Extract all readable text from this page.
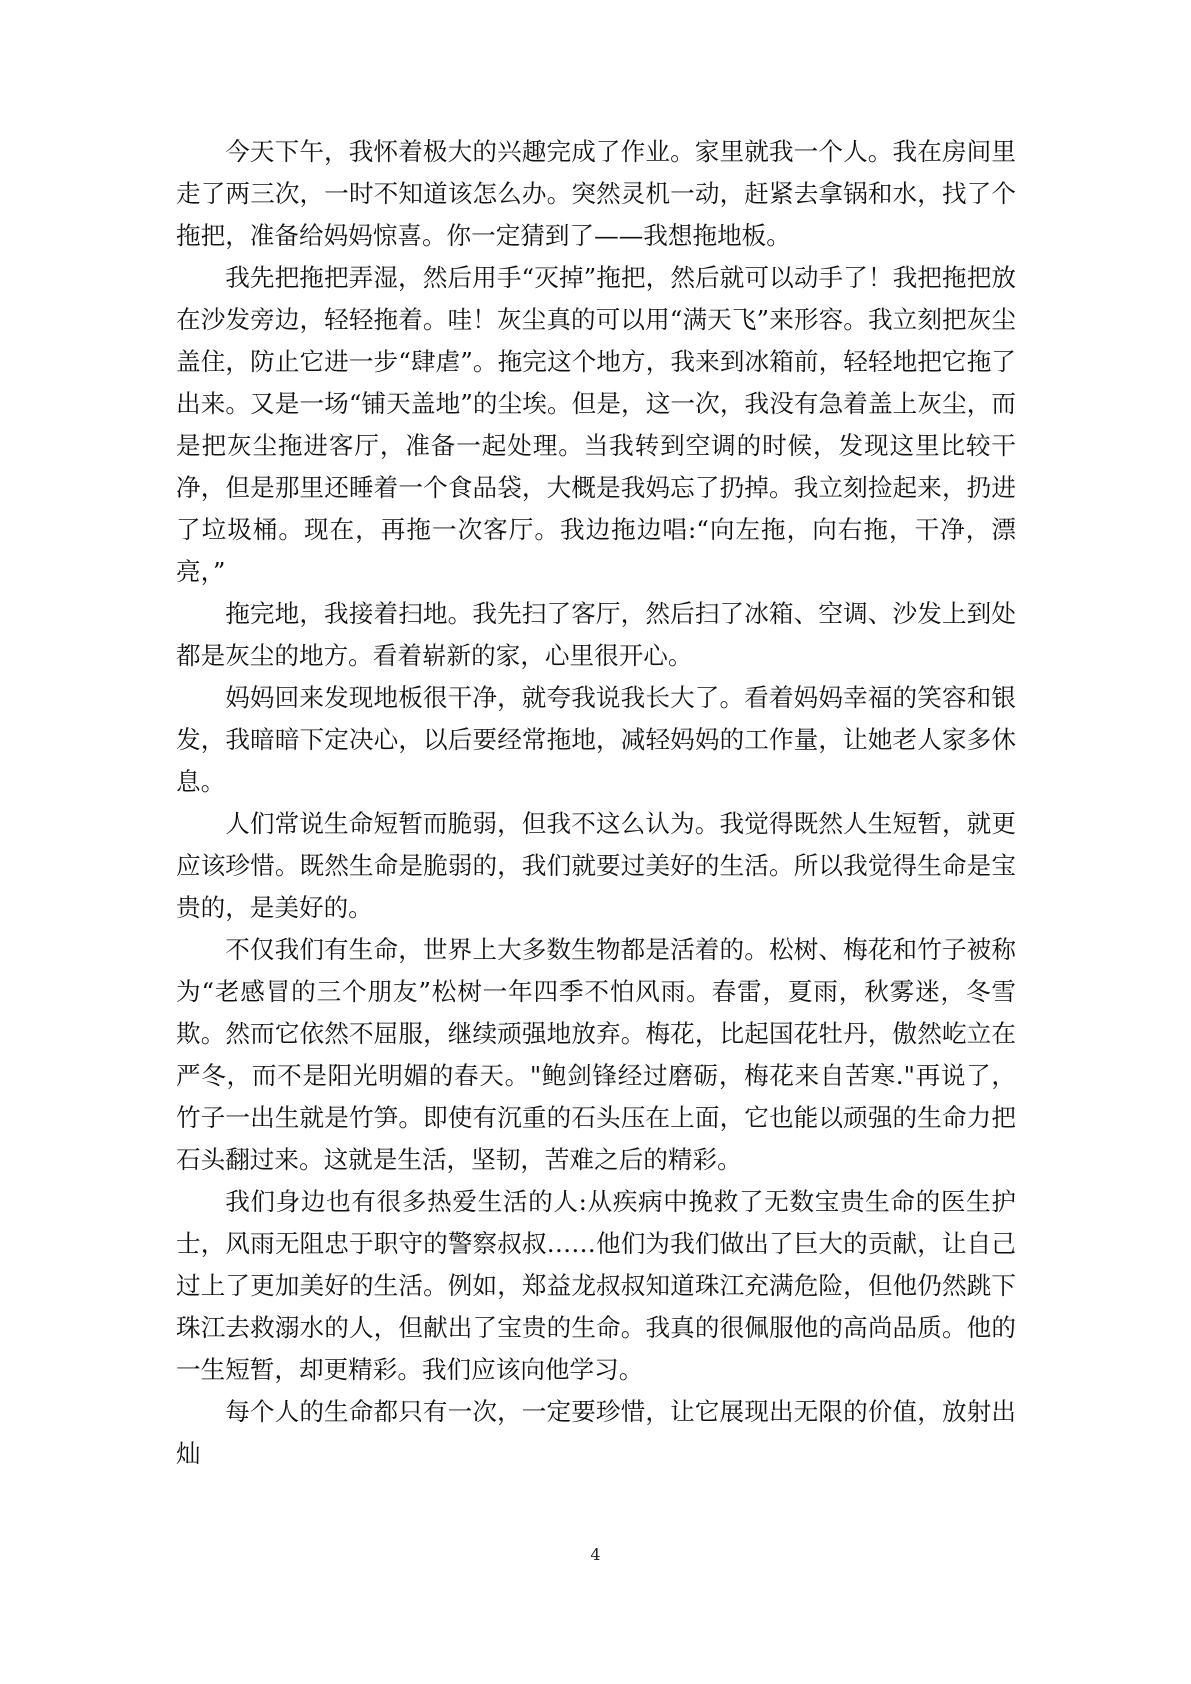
今天下午，我怀着极大的兴趣完成了作业。家里就我一个人。我在房间里走了两三次，一时不知道该怎么办。突然灵机一动，赶紧去拿锅和水，找了个拖把，准备给妈妈惊喜。你一定猜到了——我想拖地板。

我先把拖把弄湿，然后用手“灭掉”拖把，然后就可以动手了！我把拖把放在沙发旁边，轻轻拖着。哇！灰尘真的可以用“满天飞”来形容。我立刻把灰尘盖住，防止它进一步“肆虐”。拖完这个地方，我来到冰箱前，轻轻地把它拖了出来。又是一场“铺天盖地”的尘埃。但是，这一次，我没有急着盖上灰尘，而是把灰尘拖进客厅，准备一起处理。当我转到空调的时候，发现这里比较干净，但是那里还睡着一个食品袋，大概是我妈忘了扔掉。我立刻捡起来，扔进了垃圾桶。现在，再拖一次客厅。我边拖边唱:“向左拖，向右拖，干净，漂亮，”

拖完地，我接着扫地。我先扫了客厅，然后扫了冰箱、空调、沙发上到处都是灰尘的地方。看着崭新的家，心里很开心。

妈妈回来发现地板很干净，就夸我说我长大了。看着妈妈幸福的笑容和银发，我暗暗下定决心，以后要经常拖地，减轻妈妈的工作量，让她老人家多休息。

人们常说生命短暂而脆弱，但我不这么认为。我觉得既然人生短暂，就更应该珍惜。既然生命是脆弱的，我们就要过美好的生活。所以我觉得生命是宝贵的，是美好的。

不仅我们有生命，世界上大多数生物都是活着的。松树、梅花和竹子被称为“老感冒的三个朋友”松树一年四季不怕风雨。春雷，夏雨，秋雾迷，冬雪欺。然而它依然不屈服，继续顽强地放弃。梅花，比起国花牡丹，傲然屹立在严冬，而不是阳光明媚的春天。"鲍剑锋经过磨砺，梅花来自苦寒."再说了，竹子一出生就是竹笋。即使有沉重的石头压在上面，它也能以顽强的生命力把石头翻过来。这就是生活，坚韧，苦难之后的精彩。

我们身边也有很多热爱生活的人:从疾病中挽救了无数宝贵生命的医生护士，风雨无阻忠于职守的警察叔叔……他们为我们做出了巨大的贡献，让自己过上了更加美好的生活。例如，郑益龙叔叔知道珠江充满危险，但他仍然跳下珠江去救溺水的人，但献出了宝贵的生命。我真的很佩服他的高尚品质。他的一生短暂，却更精彩。我们应该向他学习。

每个人的生命都只有一次，一定要珍惜，让它展现出无限的价值，放射出灿

4
